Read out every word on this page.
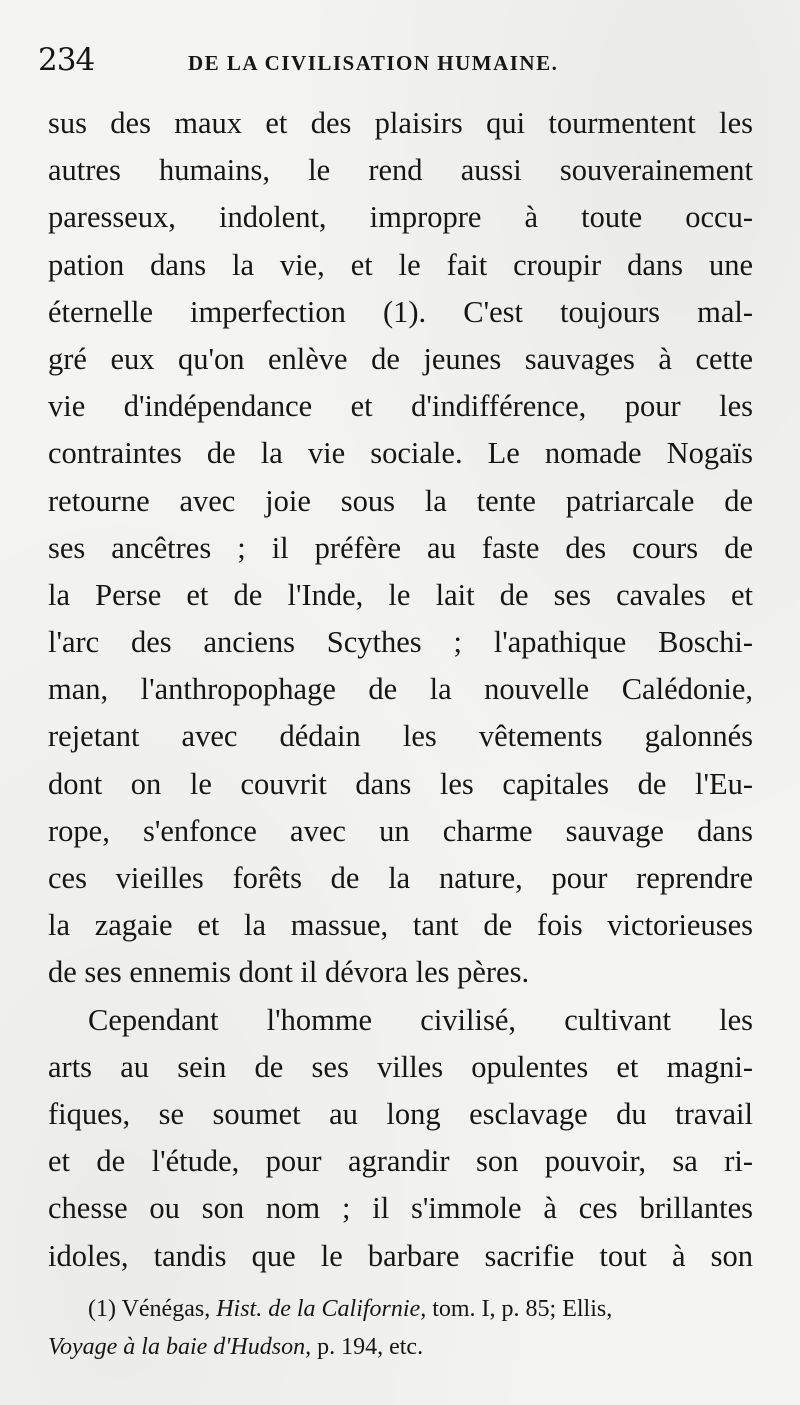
234	DE LA CIVILISATION HUMAINE.
sus des maux et des plaisirs qui tourmentent les
autres humains, le rend aussi souverainement
paresseux, indolent, impropre à toute occu-
pation dans la vie, et le fait croupir dans une
éternelle imperfection (1). C'est toujours mal-
gré eux qu'on enlève de jeunes sauvages à cette
vie d'indépendance et d'indifférence, pour les
contraintes de la vie sociale. Le nomade Nogaïs
retourne avec joie sous la tente patriarcale de
ses ancêtres ; il préfère au faste des cours de
la Perse et de l'Inde, le lait de ses cavales et
l'arc des anciens Scythes ; l'apathique Boschi-
man, l'anthropophage de la nouvelle Calédonie,
rejetant avec dédain les vêtements galonnés
dont on le couvrit dans les capitales de l'Eu-
rope, s'enfonce avec un charme sauvage dans
ces vieilles forêts de la nature, pour reprendre
la zagaie et la massue, tant de fois victorieuses
de ses ennemis dont il dévora les pères.
Cependant l'homme civilisé, cultivant les
arts au sein de ses villes opulentes et magni-
fiques, se soumet au long esclavage du travail
et de l'étude, pour agrandir son pouvoir, sa ri-
chesse ou son nom ; il s'immole à ces brillantes
idoles, tandis que le barbare sacrifie tout à son
(1) Vénégas, Hist. de la Californie, tom. I, p. 85; Ellis,
Voyage à la baie d'Hudson, p. 194, etc.
